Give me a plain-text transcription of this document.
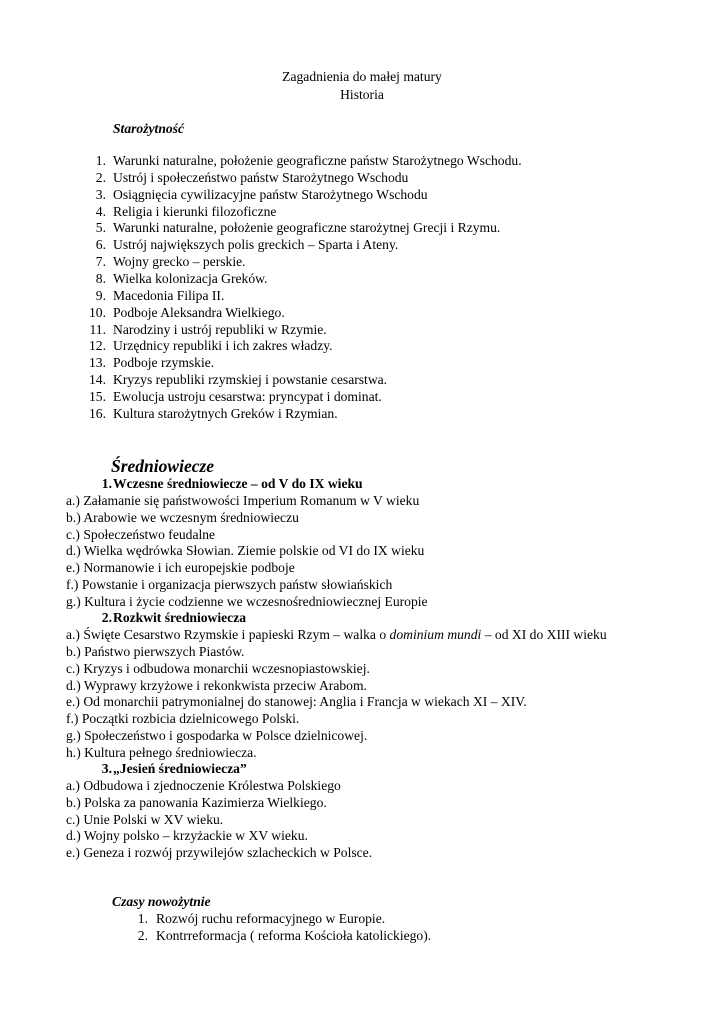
Zagadnienia do małej matury
Historia
Starożytność
1. Warunki naturalne, położenie geograficzne państw Starożytnego Wschodu.
2. Ustrój i społeczeństwo państw Starożytnego Wschodu
3. Osiągnięcia cywilizacyjne państw Starożytnego Wschodu
4. Religia i kierunki filozoficzne
5. Warunki naturalne, położenie geograficzne starożytnej Grecji i Rzymu.
6. Ustrój największych polis greckich – Sparta i Ateny.
7. Wojny grecko – perskie.
8. Wielka kolonizacja Greków.
9. Macedonia Filipa II.
10. Podboje Aleksandra Wielkiego.
11. Narodziny i ustrój republiki w Rzymie.
12. Urzędnicy republiki i ich zakres władzy.
13. Podboje rzymskie.
14. Kryzys republiki rzymskiej i powstanie cesarstwa.
15. Ewolucja ustroju cesarstwa: pryncypat i dominat.
16. Kultura starożytnych Greków i Rzymian.
Średniowiecze
1. Wczesne średniowiecze – od V do IX wieku
a.) Załamanie się państwowości Imperium Romanum w V wieku
b.) Arabowie we wczesnym średniowieczu
c.) Społeczeństwo feudalne
d.) Wielka wędrówka Słowian. Ziemie polskie od VI do IX wieku
e.) Normanowie i ich europejskie podboje
f.) Powstanie i organizacja pierwszych państw słowiańskich
g.) Kultura i życie codzienne we wczesnośredniowiecznej Europie
2. Rozkwit średniowiecza
a.) Święte Cesarstwo Rzymskie i papieski Rzym – walka o dominium mundi – od XI do XIII wieku
b.) Państwo pierwszych Piastów.
c.) Kryzys i odbudowa monarchii wczesnopiastowskiej.
d.) Wyprawy krzyżowe i rekonkwista przeciw Arabom.
e.) Od monarchii patrymonialnej do stanowej: Anglia i Francja w wiekach XI – XIV.
f.) Początki rozbicia dzielnicowego Polski.
g.) Społeczeństwo i gospodarka w Polsce dzielnicowej.
h.) Kultura pełnego średniowiecza.
3. „Jesień średniowiecza”
a.) Odbudowa i zjednoczenie Królestwa Polskiego
b.) Polska za panowania Kazimierza Wielkiego.
c.) Unie Polski w XV wieku.
d.) Wojny polsko – krzyżackie w XV wieku.
e.) Geneza i rozwój przywilejów szlacheckich w Polsce.
Czasy nowożytnie
1. Rozwój ruchu reformacyjnego w Europie.
2. Kontrreformacja ( reforma Kościoła katolickiego).
